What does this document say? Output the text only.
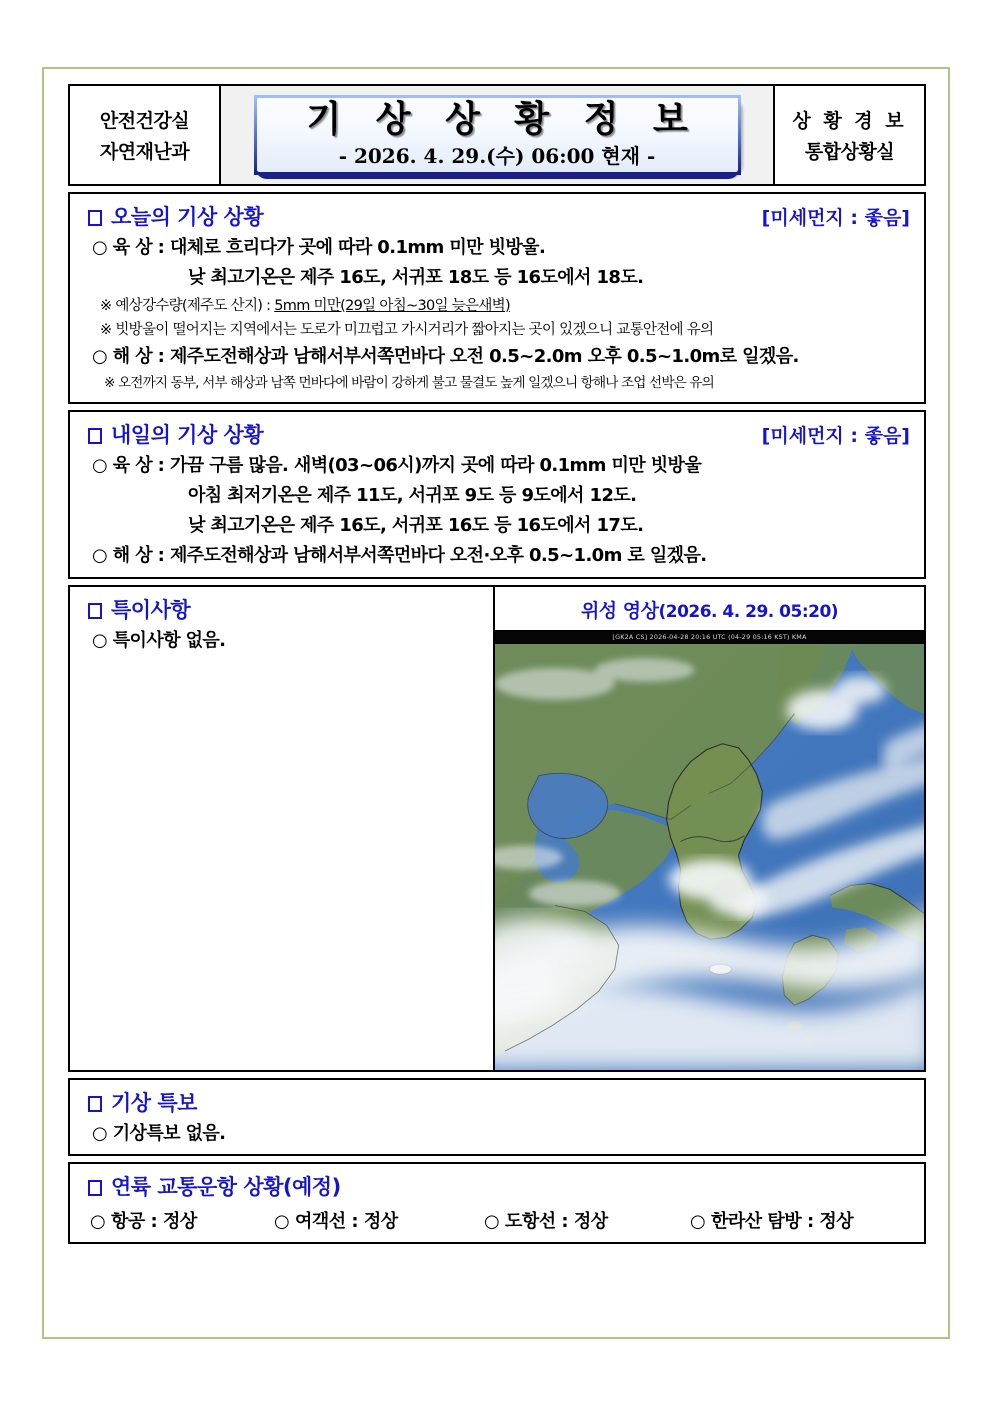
안전건강실
자연재난과
기 상 상 황 정 보
- 2026. 4. 29.(수) 06:00 현재 -
상 황 경 보
통합상황실
오늘의 기상 상황	[미세먼지 : 좋음]
○ 육 상 : 대체로 흐리다가 곳에 따라 0.1mm 미만 빗방울.
낮 최고기온은 제주 16도, 서귀포 18도 등 16도에서 18도.
※ 예상강수량(제주도 산지) : 5mm 미만(29일 아침~30일 늦은새벽)
※ 빗방울이 떨어지는 지역에서는 도로가 미끄럽고 가시거리가 짧아지는 곳이 있겠으니 교통안전에 유의
○ 해 상 : 제주도전해상과 남해서부서쪽먼바다 오전 0.5~2.0m 오후 0.5~1.0m로 일겠음.
※ 오전까지 동부, 서부 해상과 남쪽 먼바다에 바람이 강하게 불고 물결도 높게 일겠으니 항해나 조업 선박은 유의
내일의 기상 상황	[미세먼지 : 좋음]
○ 육 상 : 가끔 구름 많음. 새벽(03~06시)까지 곳에 따라 0.1mm 미만 빗방울
아침 최저기온은 제주 11도, 서귀포 9도 등 9도에서 12도.
낮 최고기온은 제주 16도, 서귀포 16도 등 16도에서 17도.
○ 해 상 : 제주도전해상과 남해서부서쪽먼바다 오전·오후 0.5~1.0m 로 일겠음.
특이사항
○ 특이사항 없음.
위성 영상(2026. 4. 29. 05:20)
[GK2A CS] 2026-04-28 20:16 UTC (04-29 05:16 KST) KMA
기상 특보
○ 기상특보 없음.
연륙 교통운항 상황(예정)
○ 항공 : 정상	○ 여객선 : 정상	○ 도항선 : 정상	○ 한라산 탐방 : 정상
